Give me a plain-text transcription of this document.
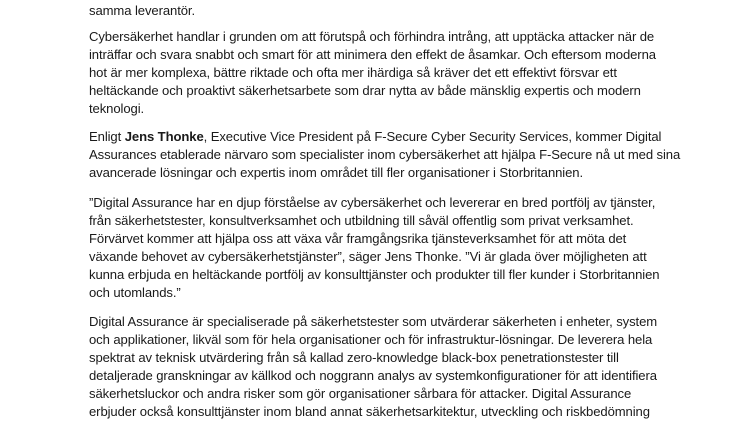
samma leverantör.

Cybersäkerhet handlar i grunden om att förutspå och förhindra intrång, att upptäcka attacker när de
inträffar och svara snabbt och smart för att minimera den effekt de åsamkar. Och eftersom moderna
hot är mer komplexa, bättre riktade och ofta mer ihärdiga så kräver det ett effektivt försvar ett
heltäckande och proaktivt säkerhetsarbete som drar nytta av både mänsklig expertis och modern
teknologi.

Enligt Jens Thonke, Executive Vice President på F-Secure Cyber Security Services, kommer Digital
Assurances etablerade närvaro som specialister inom cybersäkerhet att hjälpa F-Secure nå ut med sina
avancerade lösningar och expertis inom området till fler organisationer i Storbritannien.

”Digital Assurance har en djup förståelse av cybersäkerhet och levererar en bred portfölj av tjänster,
från säkerhetstester, konsultverksamhet och utbildning till såväl offentlig som privat verksamhet.
Förvärvet kommer att hjälpa oss att växa vår framgångsrika tjänsteverksamhet för att möta det
växande behovet av cybersäkerhetstjänster”, säger Jens Thonke. ”Vi är glada över möjligheten att
kunna erbjuda en heltäckande portfölj av konsulttjänster och produkter till fler kunder i Storbritannien
och utomlands.”

Digital Assurance är specialiserade på säkerhetstester som utvärderar säkerheten i enheter, system
och applikationer, likväl som för hela organisationer och för infrastruktur-lösningar. De leverera hela
spektrat av teknisk utvärdering från så kallad zero-knowledge black-box penetrationstester till
detaljerade granskningar av källkod och noggrann analys av systemkonfigurationer för att identifiera
säkerhetsluckor och andra risker som gör organisationer sårbara för attacker. Digital Assurance
erbjuder också konsulttjänster inom bland annat säkerhetsarkitektur, utveckling och riskbedömning
